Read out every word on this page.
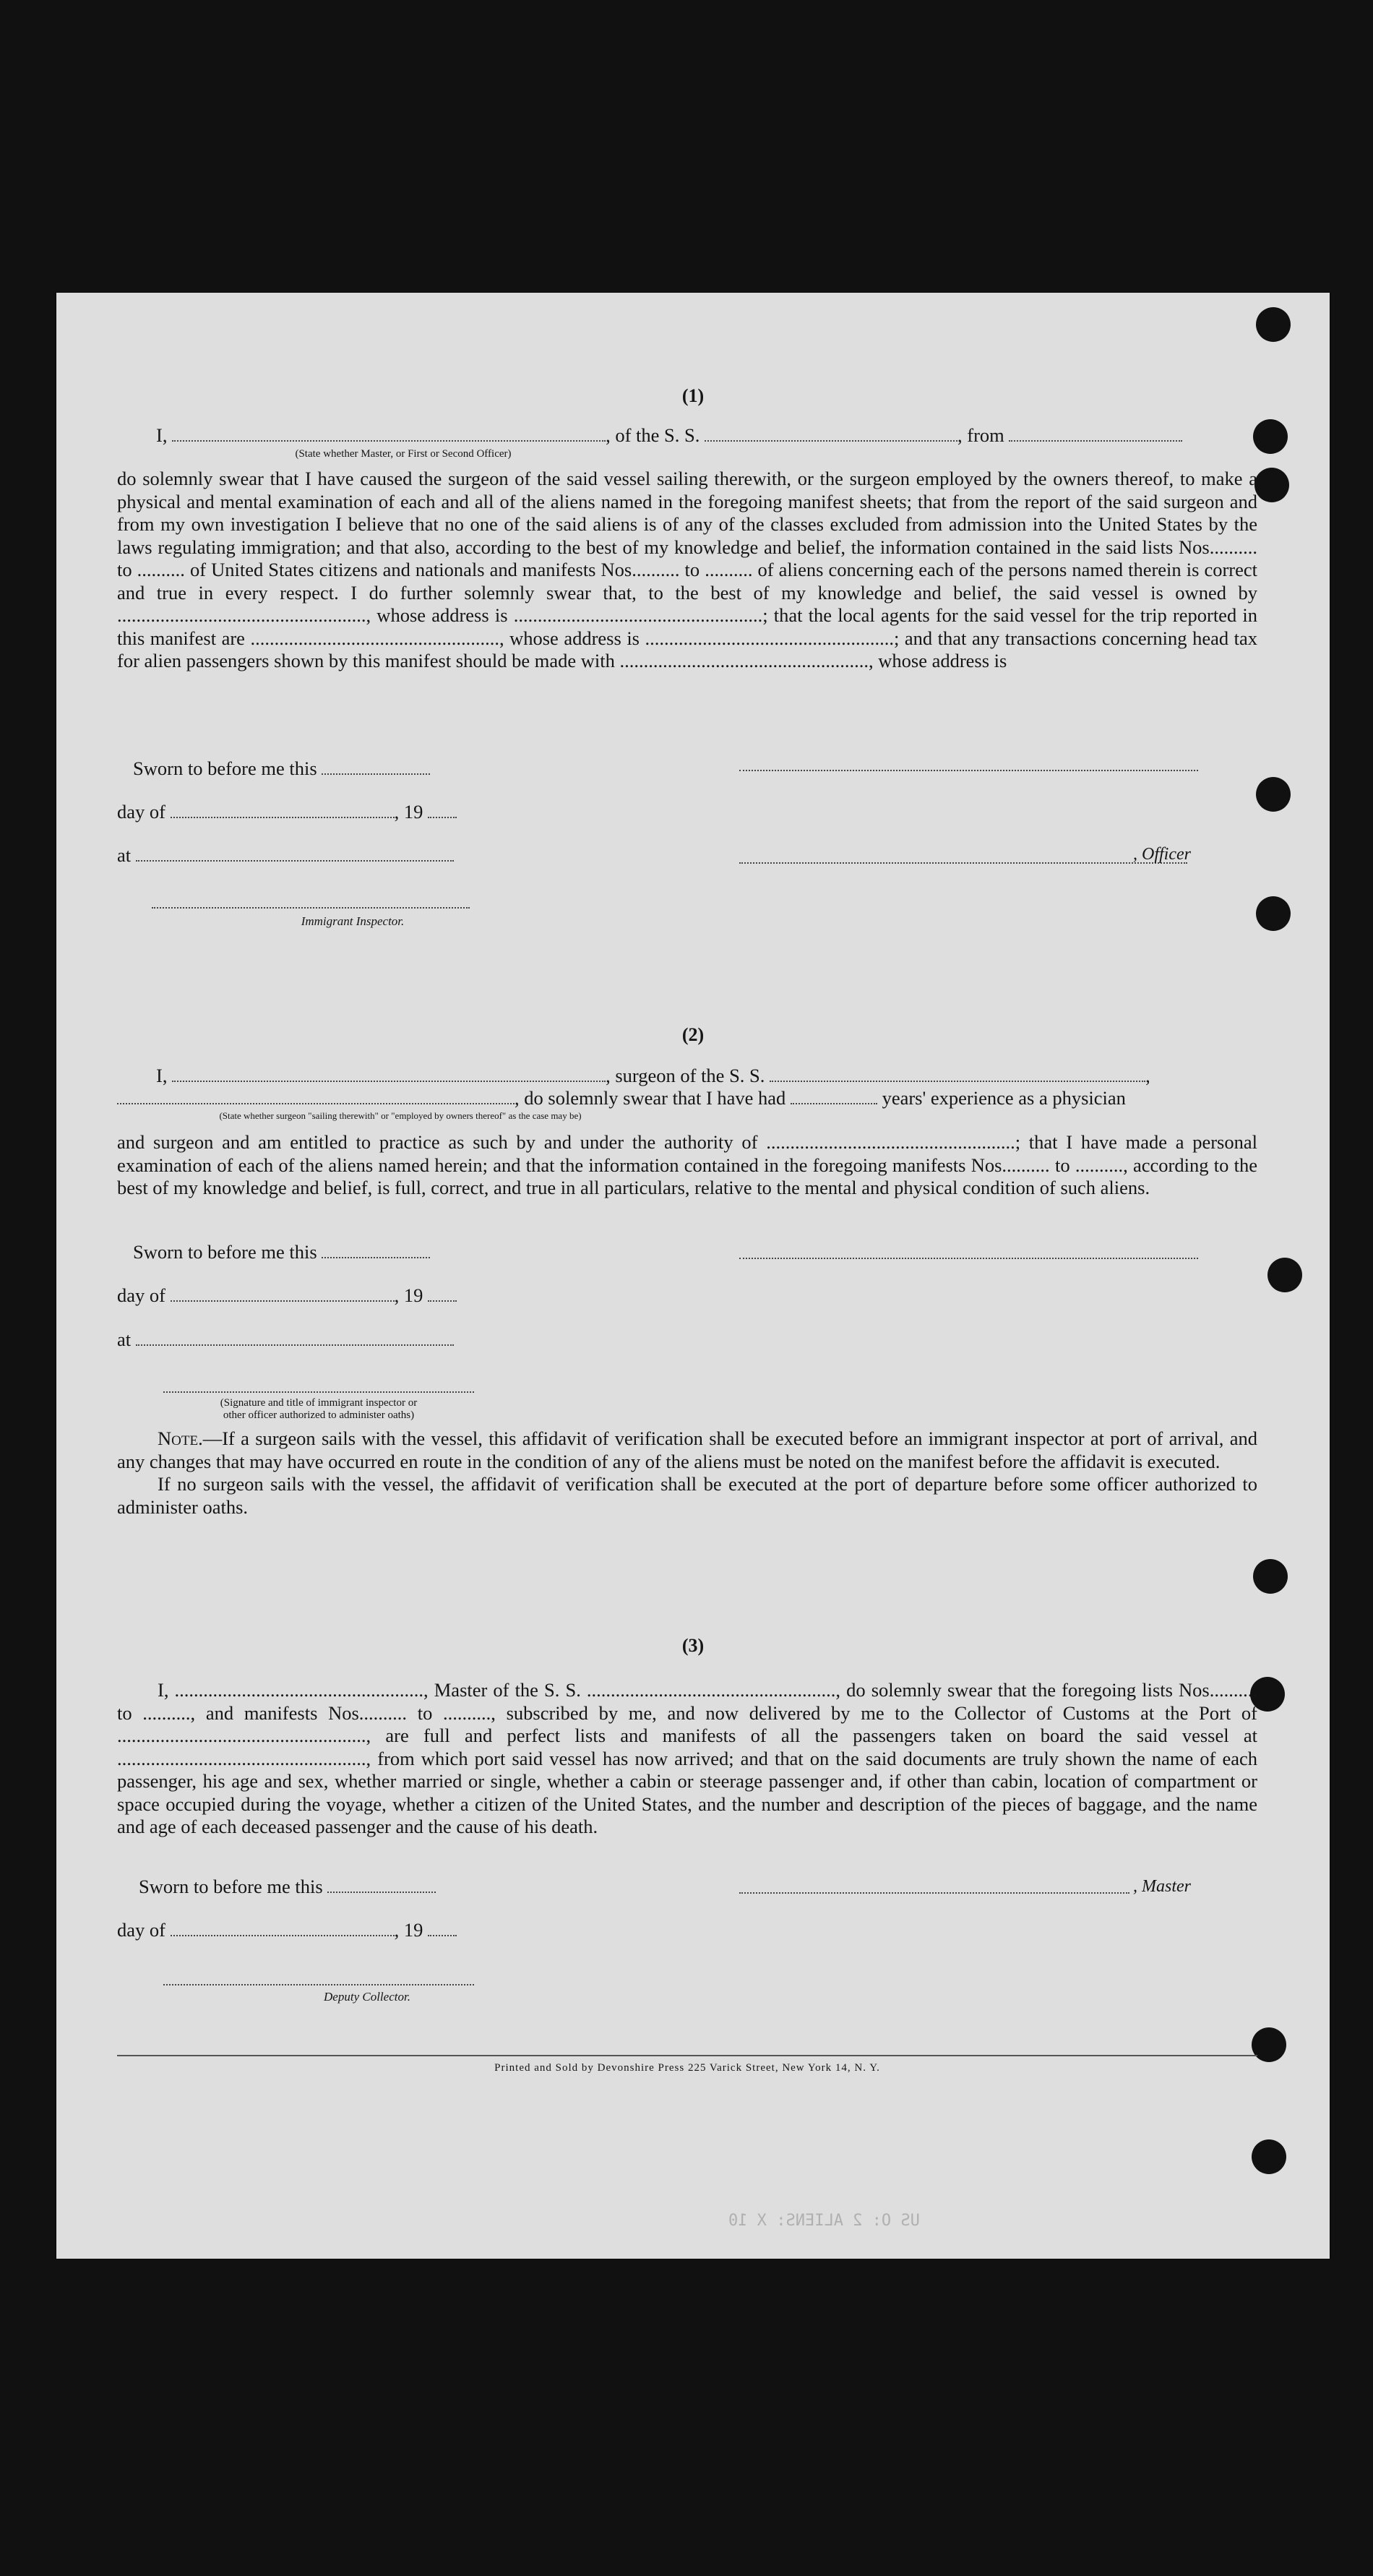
(1)
I,	, of the S. S.	, from
(State whether Master, or First or Second Officer)

do solemnly swear that I have caused the surgeon of the said vessel sailing therewith, or the surgeon employed by the owners thereof, to make a physical and mental examination of each and all of the aliens named in the foregoing manifest sheets; that from the report of the said surgeon and from my own investigation I believe that no one of the said aliens is of any of the classes excluded from admission into the United States by the laws regulating immigration; and that also, according to the best of my knowledge and belief, the information contained in the said lists Nos.......... to .......... of United States citizens and nationals and manifests Nos.......... to .......... of aliens concerning each of the persons named therein is correct and true in every respect. I do further solemnly swear that, to the best of my knowledge and belief, the said vessel is owned by ...................................................., whose address is ....................................................; that the local agents for the said vessel for the trip reported in this manifest are ...................................................., whose address is ....................................................; and that any transactions concerning head tax for alien passengers shown by this manifest should be made with ...................................................., whose address is

Sworn to before me this
day of	, 19
at	, Officer
Immigrant Inspector.
(2)
I,	, surgeon of the S. S.	,
, do solemnly swear that I have had	years' experience as a physician
(State whether surgeon "sailing therewith" or "employed by owners thereof" as the case may be)

and surgeon and am entitled to practice as such by and under the authority of ....................................................; that I have made a personal examination of each of the aliens named herein; and that the information contained in the foregoing manifests Nos.......... to .........., according to the best of my knowledge and belief, is full, correct, and true in all particulars, relative to the mental and physical condition of such aliens.

Sworn to before me this
day of	, 19
at
(Signature and title of immigrant inspector or
other officer authorized to administer oaths)

Note.—If a surgeon sails with the vessel, this affidavit of verification shall be executed before an immigrant inspector at port of arrival, and any changes that may have occurred en route in the condition of any of the aliens must be noted on the manifest before the affidavit is executed.

If no surgeon sails with the vessel, the affidavit of verification shall be executed at the port of departure before some officer authorized to administer oaths.

(3)

I, ...................................................., Master of the S. S. ...................................................., do solemnly swear that the foregoing lists Nos.......... to .........., and manifests Nos.......... to .........., subscribed by me, and now delivered by me to the Collector of Customs at the Port of ...................................................., are full and perfect lists and manifests of all the passengers taken on board the said vessel at ...................................................., from which port said vessel has now arrived; and that on the said documents are truly shown the name of each passenger, his age and sex, whether married or single, whether a cabin or steerage passenger and, if other than cabin, location of compartment or space occupied during the voyage, whether a citizen of the United States, and the number and description of the pieces of baggage, and the name and age of each deceased passenger and the cause of his death.

Sworn to before me this	, Master
day of	, 19
Deputy Collector.
Printed and Sold by Devonshire Press 225 Varick Street, New York 14, N. Y.
US O: 2 ALIENS: X 10
